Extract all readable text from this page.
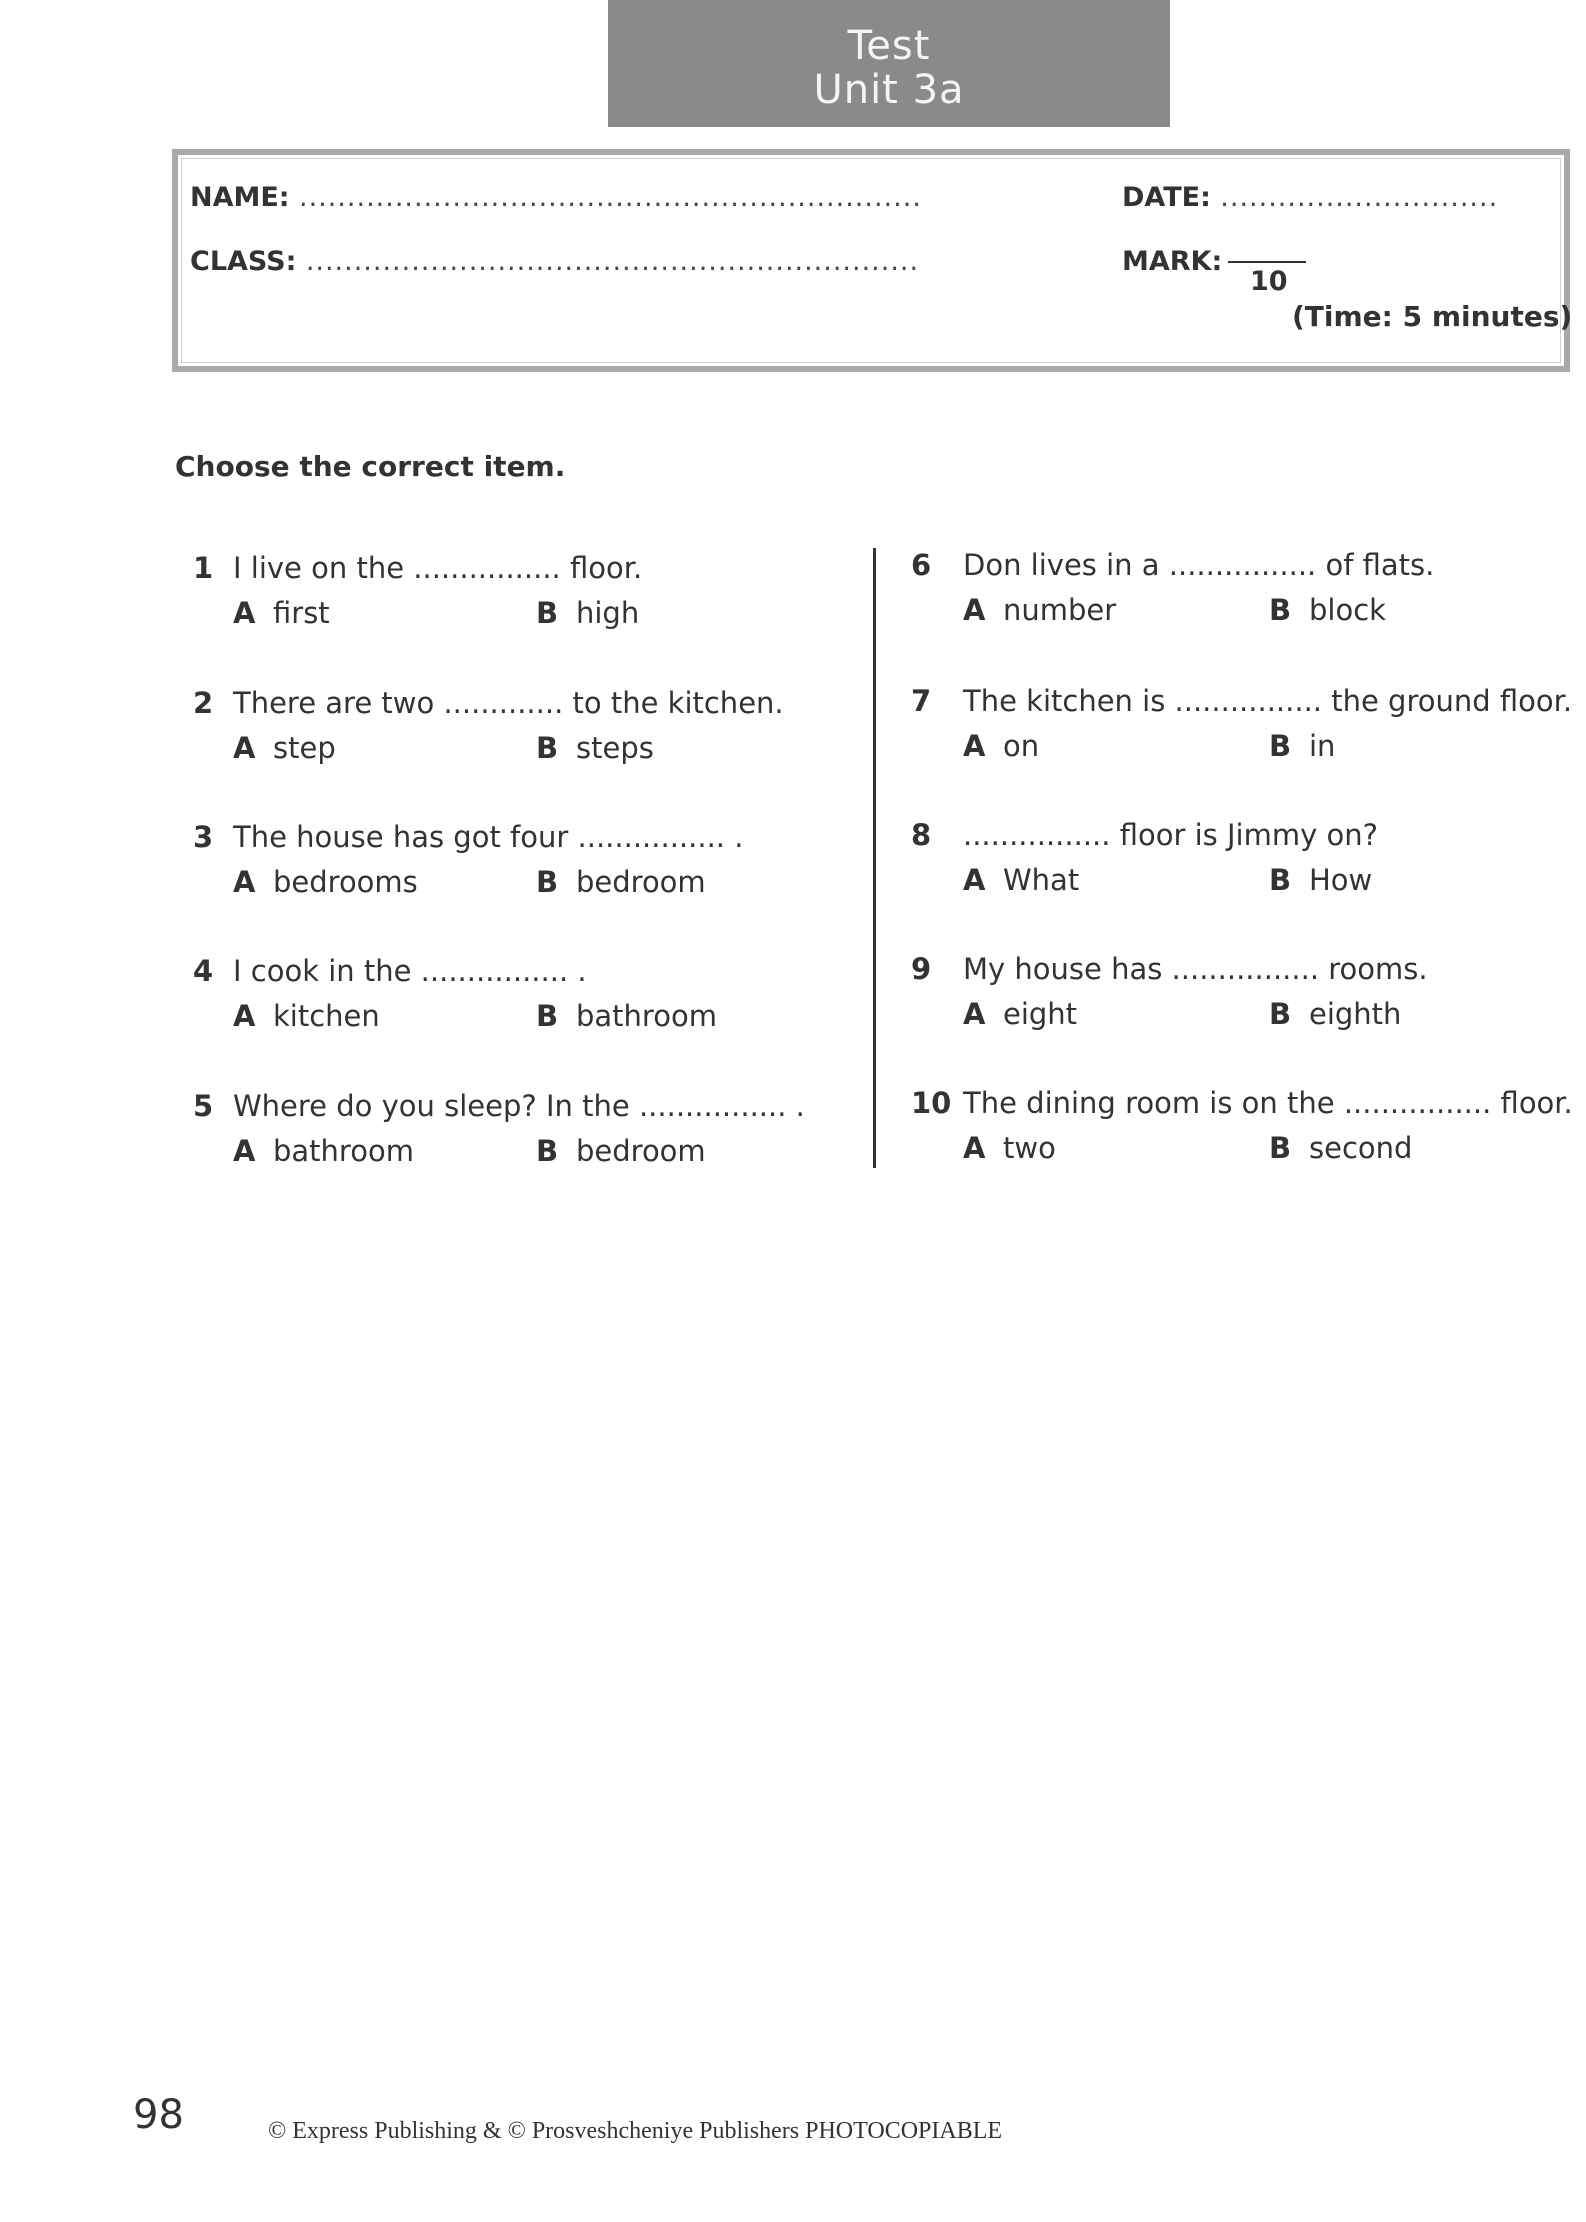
Test
Unit 3a
NAME: .................................................................	DATE: .............................
CLASS: ................................................................	MARK:
10
(Time: 5 minutes)
Choose the correct item.
1 I live on the ................ floor.
A first	B high
2 There are two ............. to the kitchen.
A step	B steps
3 The house has got four ................ .
A bedrooms	B bedroom
4 I cook in the ................ .
A kitchen	B bathroom
5 Where do you sleep? In the ................ .
A bathroom	B bedroom
6 Don lives in a ................ of flats.
A number	B block
7 The kitchen is ................ the ground floor.
A on	B in
8 ................ floor is Jimmy on?
A What	B How
9 My house has ................ rooms.
A eight	B eighth
10 The dining room is on the ................ floor.
A two	B second
98	© Express Publishing & © Prosveshcheniye Publishers PHOTOCOPIABLE
